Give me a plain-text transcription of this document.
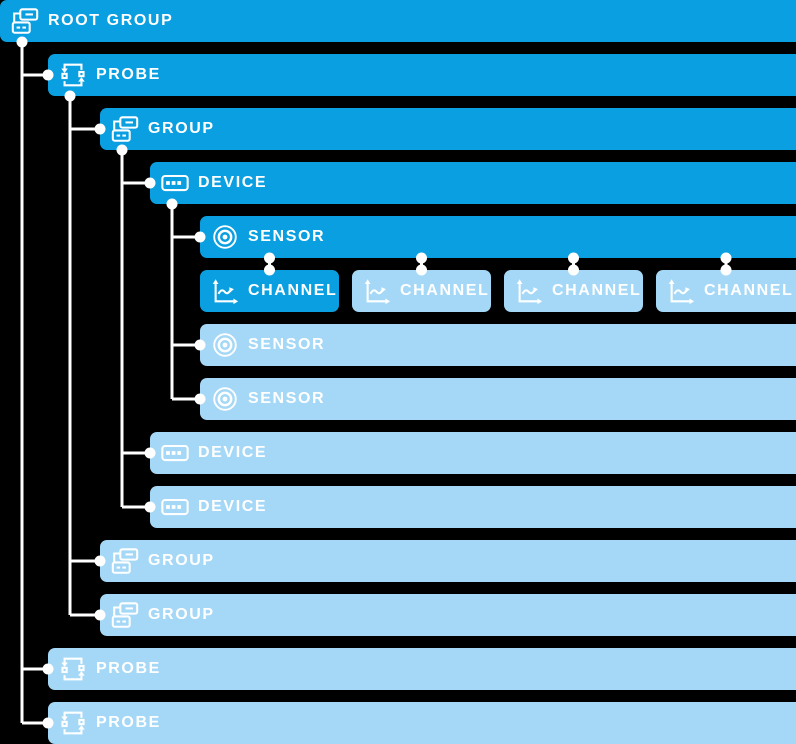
ROOT GROUP
PROBE
GROUP
DEVICE
SENSOR
CHANNEL	CHANNEL	CHANNEL	CHANNEL
SENSOR
SENSOR
DEVICE
DEVICE
GROUP
GROUP
PROBE
PROBE
